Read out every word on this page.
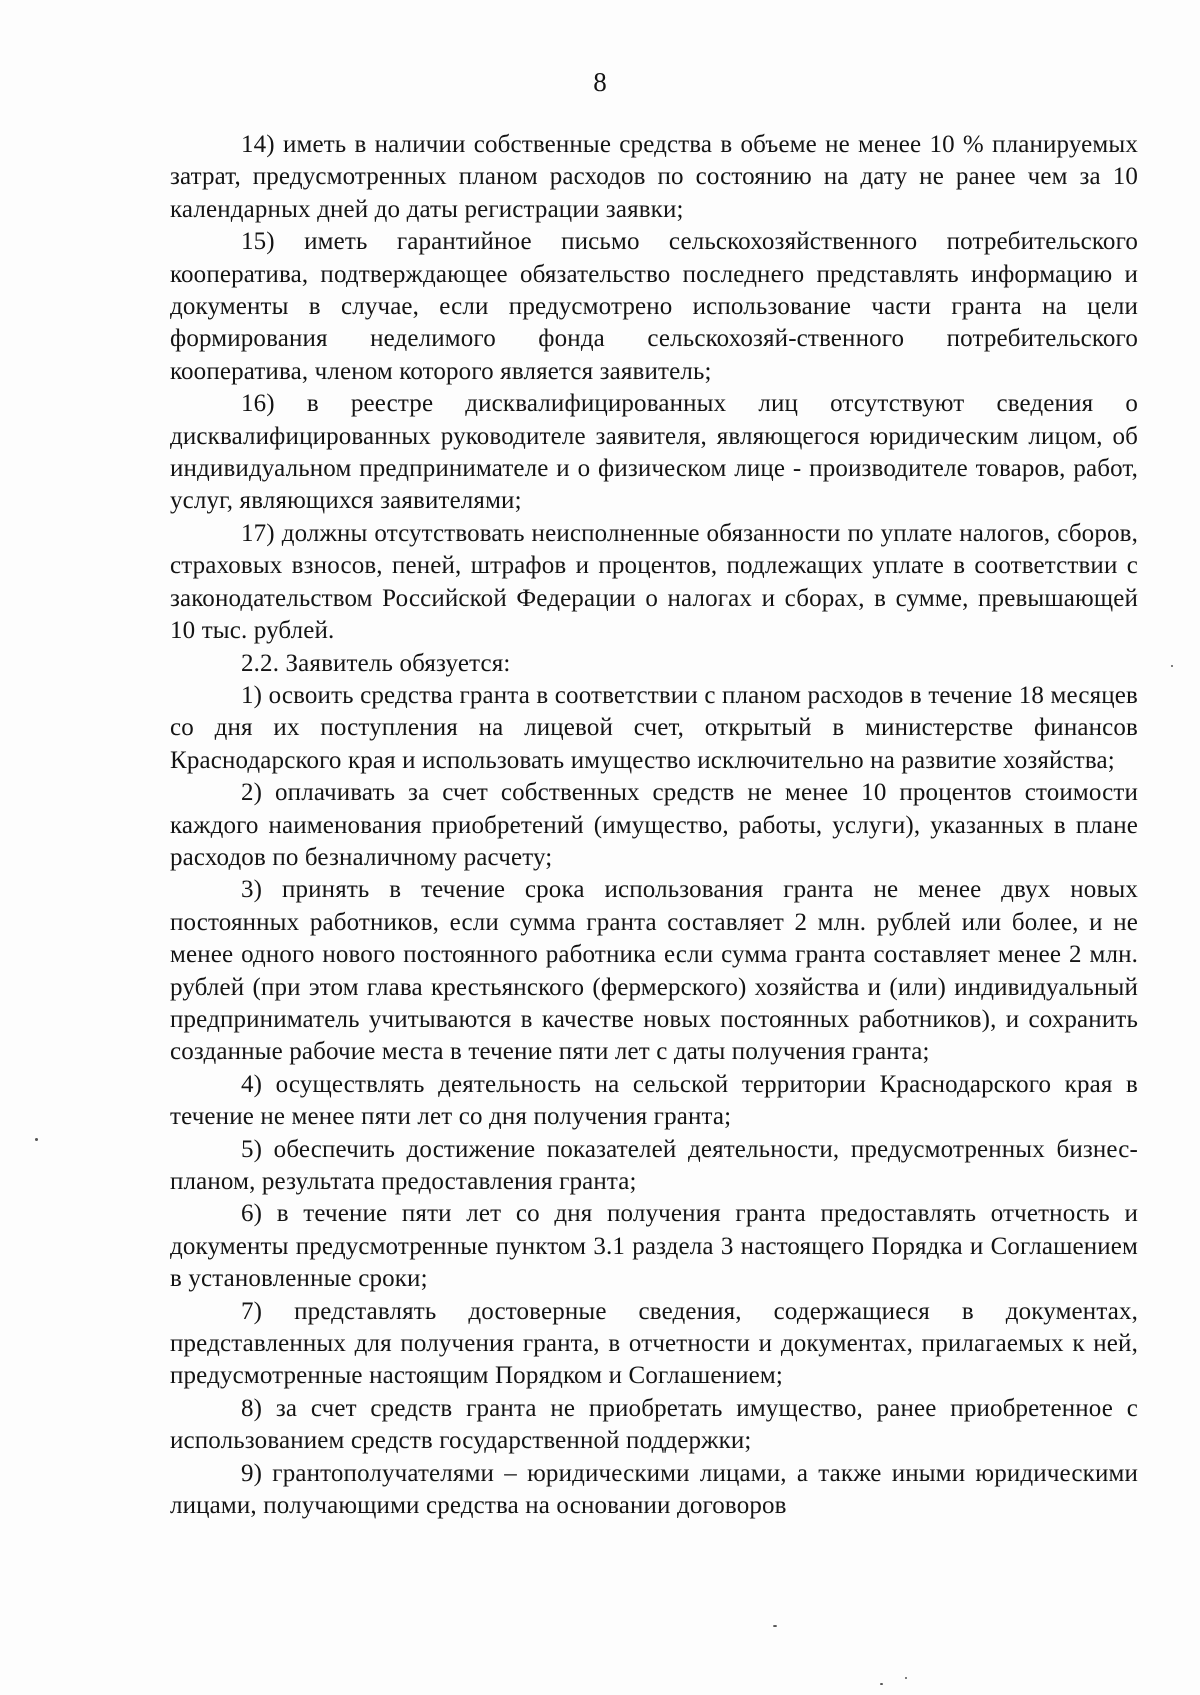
8

14) иметь в наличии собственные средства в объеме не менее 10 % планируемых затрат, предусмотренных планом расходов по состоянию на дату не ранее чем за 10 календарных дней до даты регистрации заявки;

15) иметь гарантийное письмо сельскохозяйственного потребительского кооператива, подтверждающее обязательство последнего представлять информацию и документы в случае, если предусмотрено использование части гранта на цели формирования неделимого фонда сельскохозяй-ственного потребительского кооператива, членом которого является заявитель;

16) в реестре дисквалифицированных лиц отсутствуют сведения о дисквалифицированных руководителе заявителя, являющегося юридическим лицом, об индивидуальном предпринимателе и о физическом лице - производителе товаров, работ, услуг, являющихся заявителями;

17) должны отсутствовать неисполненные обязанности по уплате налогов, сборов, страховых взносов, пеней, штрафов и процентов, подлежащих уплате в соответствии с законодательством Российской Федерации о налогах и сборах, в сумме, превышающей 10 тыс. рублей.

2.2. Заявитель обязуется:

1) освоить средства гранта в соответствии с планом расходов в течение 18 месяцев со дня их поступления на лицевой счет, открытый в министерстве финансов Краснодарского края и использовать имущество исключительно на развитие хозяйства;

2) оплачивать за счет собственных средств не менее 10 процентов стоимости каждого наименования приобретений (имущество, работы, услуги), указанных в плане расходов по безналичному расчету;

3) принять в течение срока использования гранта не менее двух новых постоянных работников, если сумма гранта составляет 2 млн. рублей или более, и не менее одного нового постоянного работника если сумма гранта составляет менее 2 млн. рублей (при этом глава крестьянского (фермерского) хозяйства и (или) индивидуальный предприниматель учитываются в качестве новых постоянных работников), и сохранить созданные рабочие места в течение пяти лет с даты получения гранта;

4) осуществлять деятельность на сельской территории Краснодарского края в течение не менее пяти лет со дня получения гранта;

5) обеспечить достижение показателей деятельности, предусмотренных бизнес-планом, результата предоставления гранта;

6) в течение пяти лет со дня получения гранта предоставлять отчетность и документы предусмотренные пунктом 3.1 раздела 3 настоящего Порядка и Соглашением в установленные сроки;

7) представлять достоверные сведения, содержащиеся в документах, представленных для получения гранта, в отчетности и документах, прилагаемых к ней, предусмотренные настоящим Порядком и Соглашением;

8) за счет средств гранта не приобретать имущество, ранее приобретенное с использованием средств государственной поддержки;

9) грантополучателями – юридическими лицами, а также иными юридическими лицами, получающими средства на основании договоров
